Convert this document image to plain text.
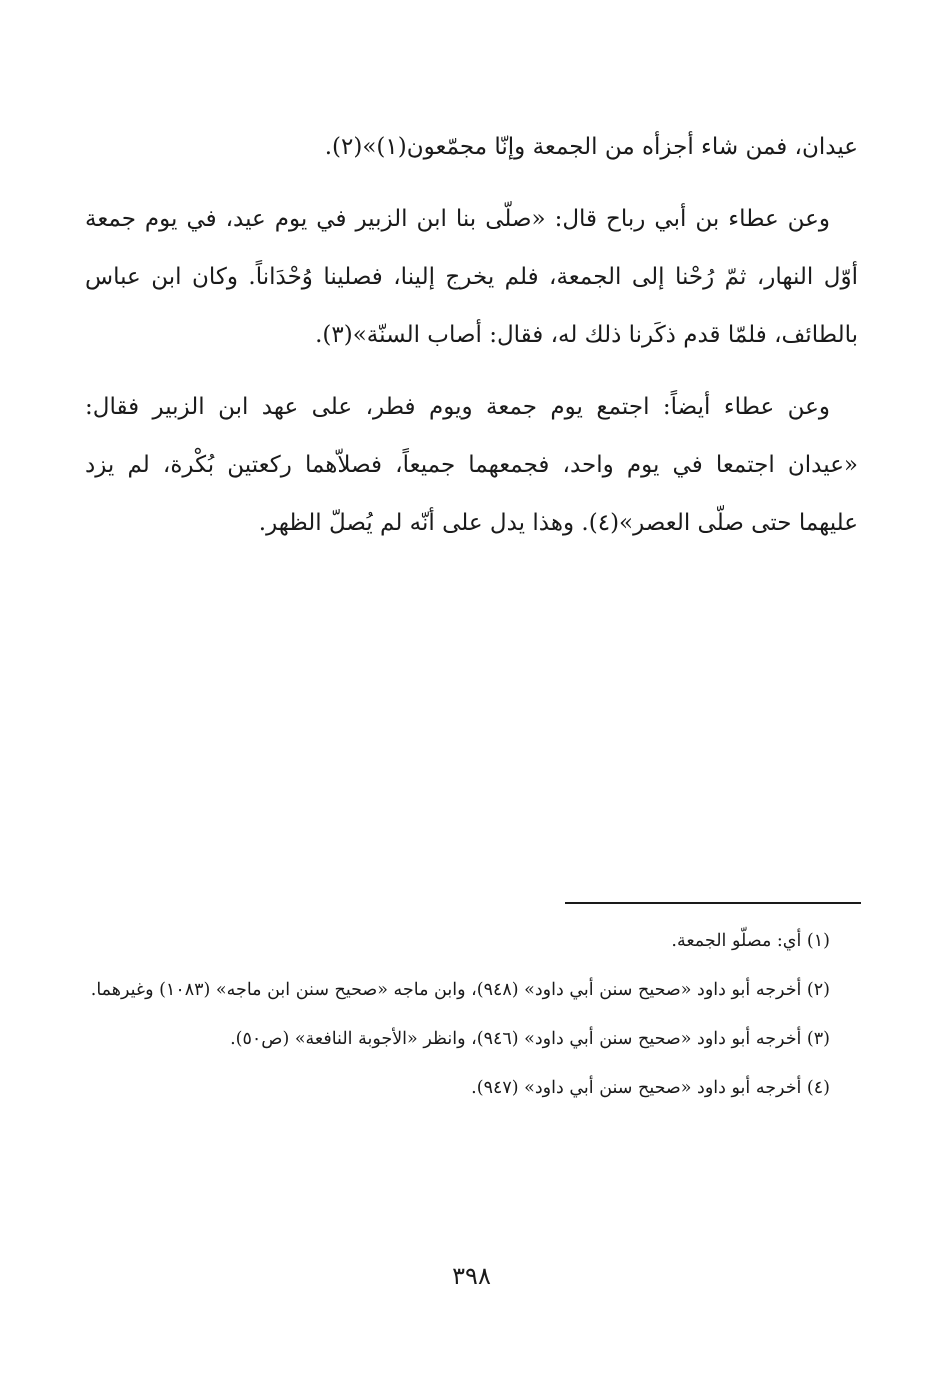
عيدان، فمن شاء أجزأه من الجمعة وإنّا مجمّعون(١)»(٢).

وعن عطاء بن أبي رباح قال: «صلّى بنا ابن الزبير في يوم عيد، في يوم جمعة أوّل النهار، ثمّ رُحْنا إلى الجمعة، فلم يخرج إلينا، فصلينا وُحْدَاناً. وكان ابن عباس بالطائف، فلمّا قدم ذكَرنا ذلك له، فقال: أصاب السنّة»(٣).

وعن عطاء أيضاً: اجتمع يوم جمعة ويوم فطر، على عهد ابن الزبير فقال: «عيدان اجتمعا في يوم واحد، فجمعهما جميعاً، فصلاّهما ركعتين بُكْرة، لم يزد عليهما حتى صلّى العصر»(٤). وهذا يدل على أنّه لم يُصلّ الظهر.

(١) أي: مصلّو الجمعة.

(٢) أخرجه أبو داود «صحيح سنن أبي داود» (٩٤٨)، وابن ماجه «صحيح سنن ابن ماجه» (١٠٨٣) وغيرهما.

(٣) أخرجه أبو داود «صحيح سنن أبي داود» (٩٤٦)، وانظر «الأجوبة النافعة» (ص٥٠).

(٤) أخرجه أبو داود «صحيح سنن أبي داود» (٩٤٧).

٣٩٨
